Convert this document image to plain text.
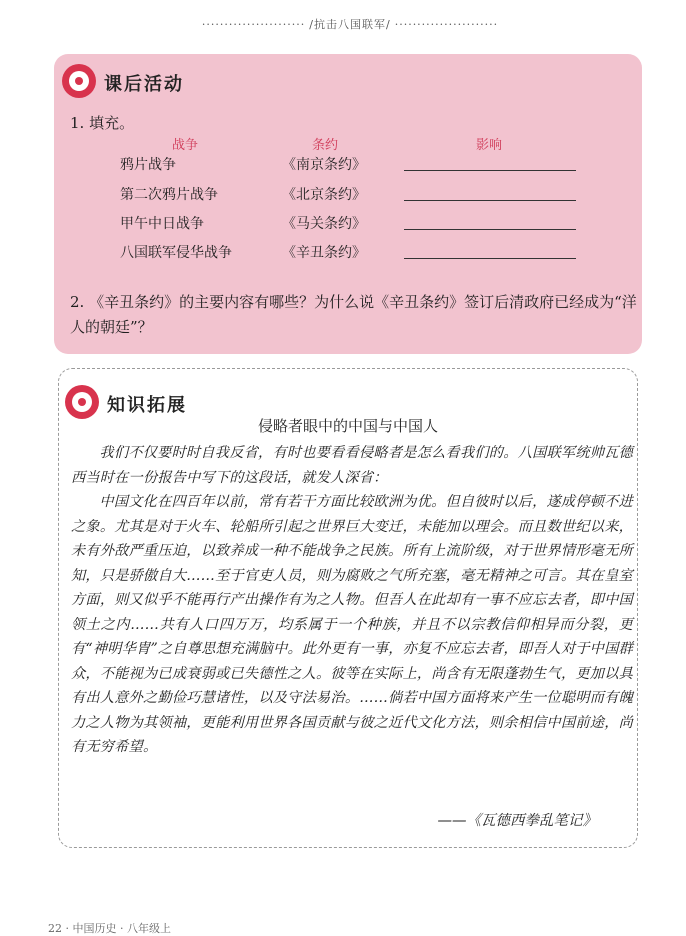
······················· /抗击八国联军/ ·······················
课后活动
1. 填充。
战争	条约	影响
鸦片战争	《南京条约》
第二次鸦片战争	《北京条约》
甲午中日战争	《马关条约》
八国联军侵华战争	《辛丑条约》
2. 《辛丑条约》的主要内容有哪些？为什么说《辛丑条约》签订后清政府已经成为“洋人的朝廷”？
知识拓展
侵略者眼中的中国与中国人

我们不仅要时时自我反省，有时也要看看侵略者是怎么看我们的。八国联军统帅瓦德西当时在一份报告中写下的这段话，就发人深省：

中国文化在四百年以前，常有若干方面比较欧洲为优。但自彼时以后，遂成停顿不进之象。尤其是对于火车、轮船所引起之世界巨大变迁，未能加以理会。而且数世纪以来，未有外敌严重压迫，以致养成一种不能战争之民族。所有上流阶级，对于世界情形毫无所知，只是骄傲自大……至于官吏人员，则为腐败之气所充塞，毫无精神之可言。其在皇室方面，则又似乎不能再行产出操作有为之人物。但吾人在此却有一事不应忘去者，即中国领土之内……共有人口四万万，均系属于一个种族，并且不以宗教信仰相异而分裂，更有“神明华胄”之自尊思想充满脑中。此外更有一事，亦复不应忘去者，即吾人对于中国群众，不能视为已成衰弱或已失德性之人。彼等在实际上，尚含有无限蓬勃生气，更加以具有出人意外之勤俭巧慧诸性，以及守法易治。……倘若中国方面将来产生一位聪明而有魄力之人物为其领袖，更能利用世界各国贡献与彼之近代文化方法，则余相信中国前途，尚有无穷希望。

——《瓦德西拳乱笔记》
22 · 中国历史 · 八年级上
